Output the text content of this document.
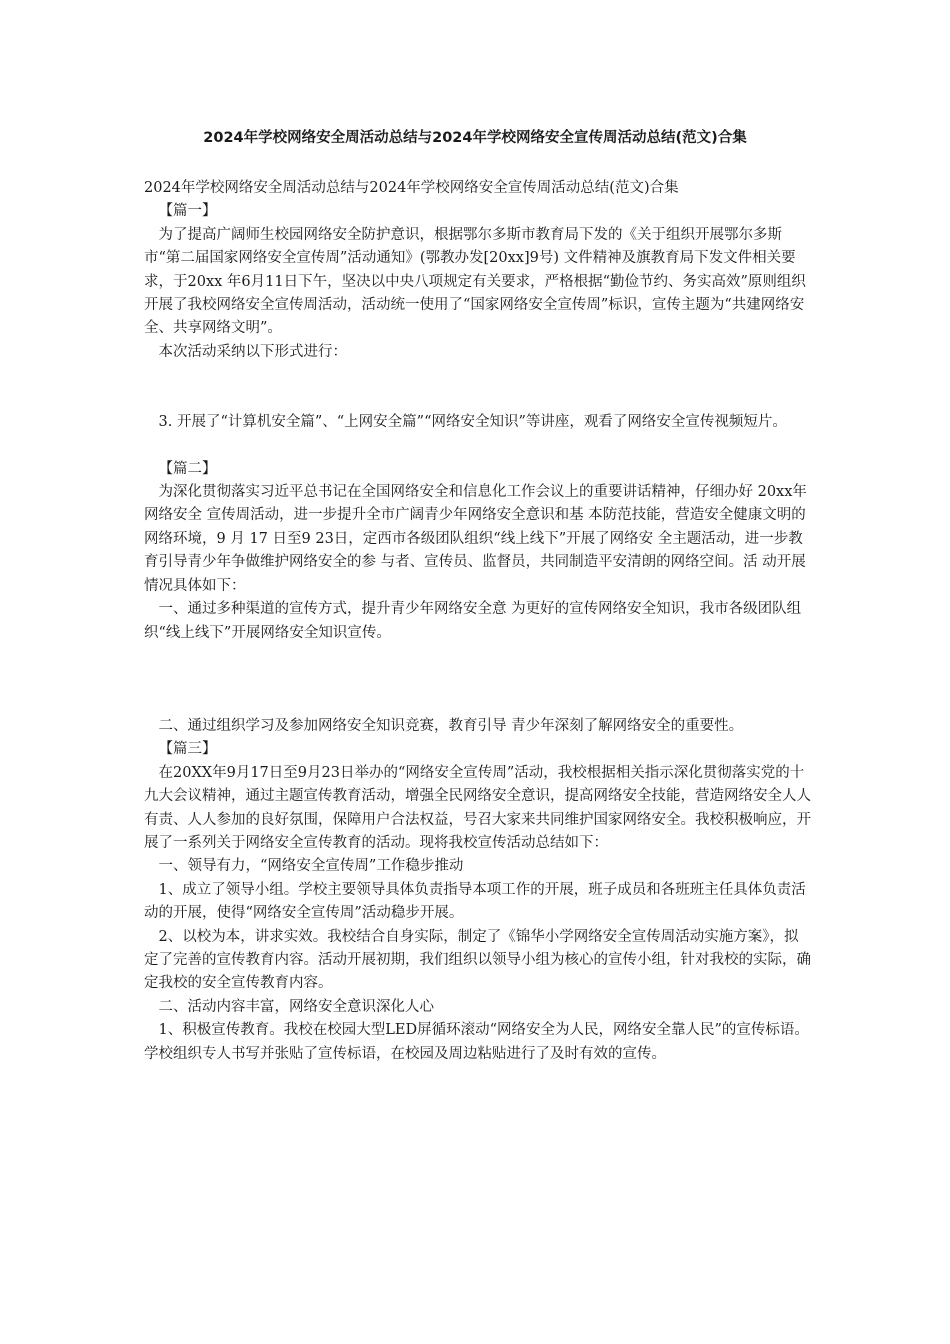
2024年学校网络安全周活动总结与2024年学校网络安全宣传周活动总结(范文)合集

2024年学校网络安全周活动总结与2024年学校网络安全宣传周活动总结(范文)合集

【篇一】

为了提高广阔师生校园网络安全防护意识，根据鄂尔多斯市教育局下发的《关于组织开展鄂尔多斯市“第二届国家网络安全宣传周”活动通知》(鄂教办发[20xx]9号) 文件精神及旗教育局下发文件相关要求，于20xx 年6月11日下午，坚决以中央八项规定有关要求，严格根据“勤俭节约、务实高效”原则组织开展了我校网络安全宣传周活动，活动统一使用了“国家网络安全宣传周”标识，宣传主题为“共建网络安全、共享网络文明”。

本次活动采纳以下形式进行：

3. 开展了“计算机安全篇”、“上网安全篇”“网络安全知识”等讲座，观看了网络安全宣传视频短片。

【篇二】

为深化贯彻落实习近平总书记在全国网络安全和信息化工作会议上的重要讲话精神，仔细办好 20xx年网络安全 宣传周活动，进一步提升全市广阔青少年网络安全意识和基 本防范技能，营造安全健康文明的网络环境，9 月 17 日至9 23日，定西市各级团队组织“线上线下”开展了网络安 全主题活动，进一步教育引导青少年争做维护网络安全的参 与者、宣传员、监督员，共同制造平安清朗的网络空间。活 动开展情况具体如下：

一、通过多种渠道的宣传方式，提升青少年网络安全意 为更好的宣传网络安全知识，我市各级团队组织“线上线下”开展网络安全知识宣传。

二、通过组织学习及参加网络安全知识竞赛，教育引导 青少年深刻了解网络安全的重要性。

【篇三】

在20XX年9月17日至9月23日举办的“网络安全宣传周”活动，我校根据相关指示深化贯彻落实党的十九大会议精神，通过主题宣传教育活动，增强全民网络安全意识，提高网络安全技能，营造网络安全人人有责、人人参加的良好氛围，保障用户合法权益，号召大家来共同维护国家网络安全。我校积极响应，开展了一系列关于网络安全宣传教育的活动。现将我校宣传活动总结如下：

一、领导有力，“网络安全宣传周”工作稳步推动

1、成立了领导小组。学校主要领导具体负责指导本项工作的开展，班子成员和各班班主任具体负责活动的开展，使得“网络安全宣传周”活动稳步开展。

2、以校为本，讲求实效。我校结合自身实际，制定了《锦华小学网络安全宣传周活动实施方案》，拟定了完善的宣传教育内容。活动开展初期，我们组织以领导小组为核心的宣传小组，针对我校的实际，确定我校的安全宣传教育内容。

二、活动内容丰富，网络安全意识深化人心

1、积极宣传教育。我校在校园大型LED屏循环滚动“网络安全为人民，网络安全靠人民”的宣传标语。学校组织专人书写并张贴了宣传标语，在校园及周边粘贴进行了及时有效的宣传。
